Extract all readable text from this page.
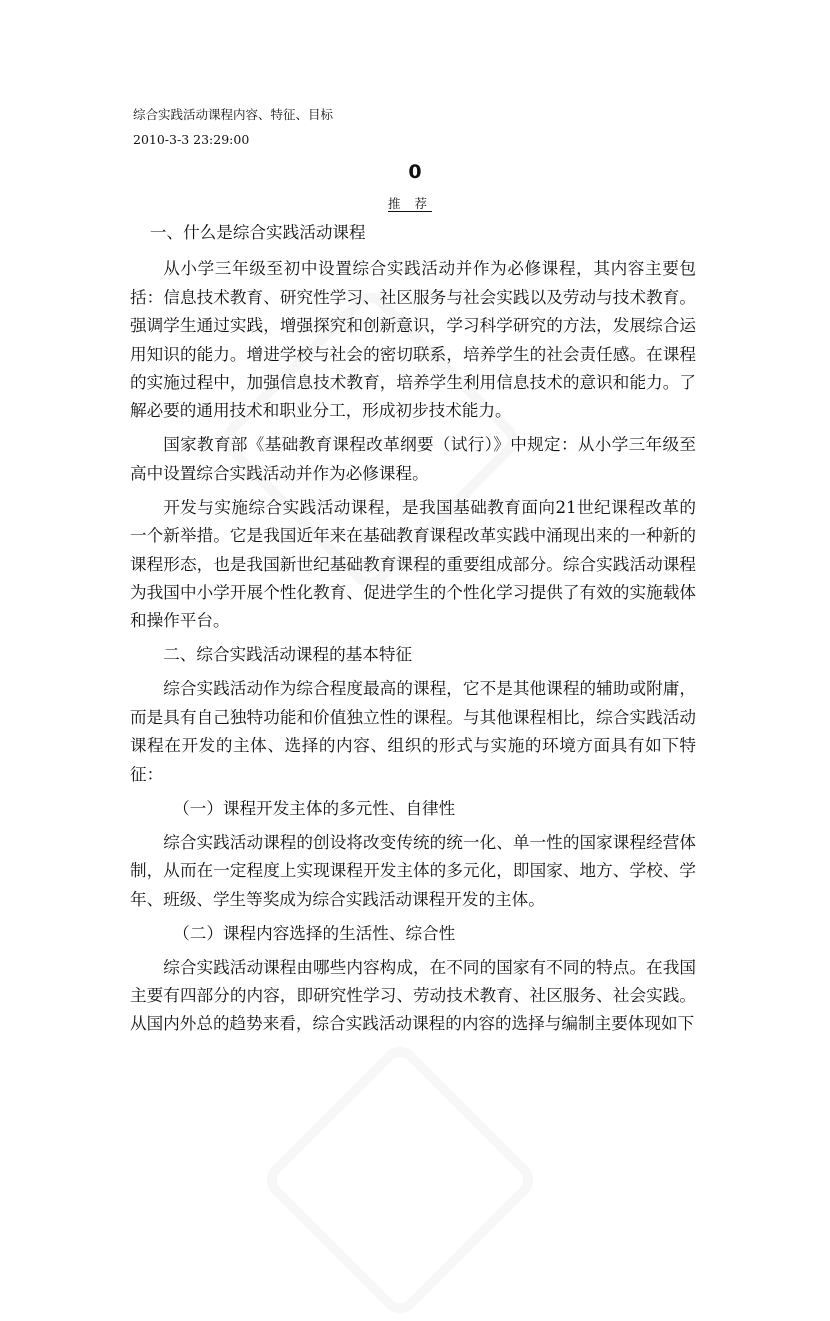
综合实践活动课程内容、特征、目标
2010-3-3 23:29:00
0
推 荐

一、什么是综合实践活动课程

从小学三年级至初中设置综合实践活动并作为必修课程，其内容主要包括：信息技术教育、研究性学习、社区服务与社会实践以及劳动与技术教育。强调学生通过实践，增强探究和创新意识，学习科学研究的方法，发展综合运用知识的能力。增进学校与社会的密切联系，培养学生的社会责任感。在课程的实施过程中，加强信息技术教育，培养学生利用信息技术的意识和能力。了解必要的通用技术和职业分工，形成初步技术能力。

国家教育部《基础教育课程改革纲要（试行）》中规定：从小学三年级至高中设置综合实践活动并作为必修课程。

开发与实施综合实践活动课程，是我国基础教育面向21世纪课程改革的一个新举措。它是我国近年来在基础教育课程改革实践中涌现出来的一种新的课程形态，也是我国新世纪基础教育课程的重要组成部分。综合实践活动课程为我国中小学开展个性化教育、促进学生的个性化学习提供了有效的实施载体和操作平台。

二、综合实践活动课程的基本特征

综合实践活动作为综合程度最高的课程，它不是其他课程的辅助或附庸，而是具有自己独特功能和价值独立性的课程。与其他课程相比，综合实践活动课程在开发的主体、选择的内容、组织的形式与实施的环境方面具有如下特征：

（一）课程开发主体的多元性、自律性

综合实践活动课程的创设将改变传统的统一化、单一性的国家课程经营体制，从而在一定程度上实现课程开发主体的多元化，即国家、地方、学校、学年、班级、学生等奖成为综合实践活动课程开发的主体。

（二）课程内容选择的生活性、综合性

综合实践活动课程由哪些内容构成，在不同的国家有不同的特点。在我国主要有四部分的内容，即研究性学习、劳动技术教育、社区服务、社会实践。从国内外总的趋势来看，综合实践活动课程的内容的选择与编制主要体现如下
